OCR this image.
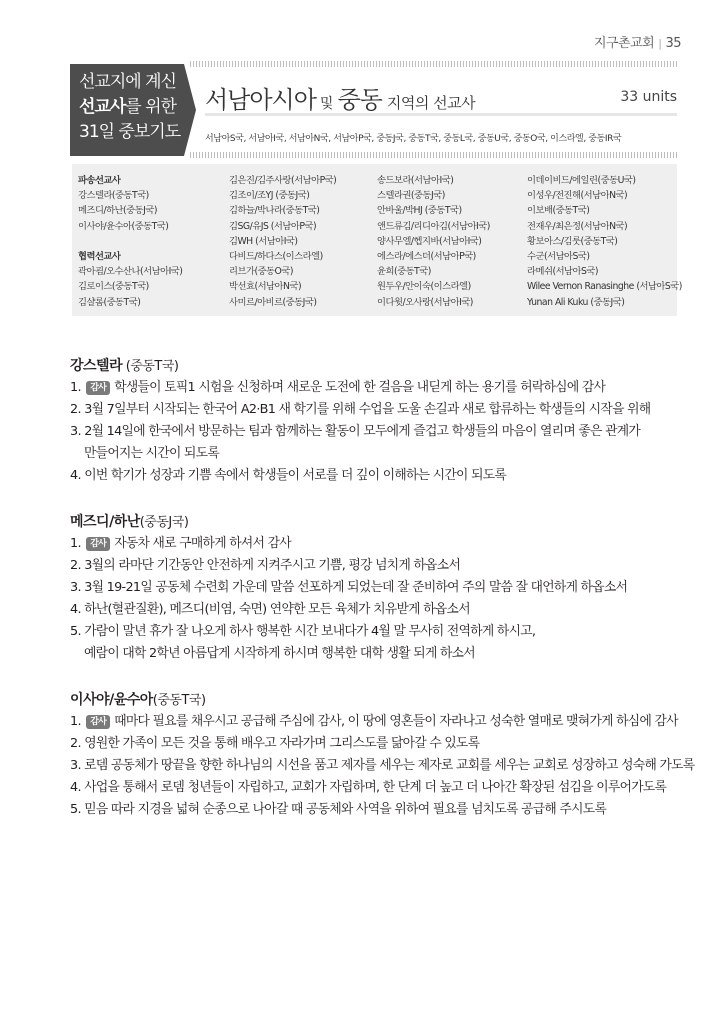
지구촌교회 | 35
선교지에 계신
선교사를 위한
31일 중보기도
서남아시아 및 중동 지역의 선교사	33 units
서남아S국, 서남아I국, 서남아N국, 서남아P국, 중동J국, 중동T국, 중동L국, 중동U국, 중동O국, 이스라엘, 중동IR국
파송선교사
강스텔라(중동T국)
메즈디/하난(중동J국)
이사야/윤수아(중동T국)
협력선교사
곽아굄/오수산나(서남아I국)
김로이스(중동T국)
김샬롬(중동T국)
김은진/김주사랑(서남아P국)
김조이/조YJ (중동J국)
김하늘/박나라(중동T국)
김SG/유JS (서남아P국)
김WH (서남아I국)
다비드/하다스(이스라엘)
리브가(중동O국)
박선효(서남아N국)
사미르/아비르(중동J국)
송드보라(서남아I국)
스텔라권(중동J국)
안바울/박HJ (중동T국)
앤드류김/리디아김(서남아I국)
양사무엘/헵지바(서남아I국)
에스라/에스더(서남아P국)
윤희(중동T국)
원두우/안이숙(이스라엘)
이다윗/오사랑(서남아I국)
이데이비드/에일린(중동U국)
이성우/전진해(서남아N국)
이보배(중동T국)
전재우/최은정(서남아N국)
황보아스/김룻(중동T국)
수군(서남아S국)
라메쉬(서남아S국)
Wilee Vernon Ranasinghe (서남아S국)
Yunan Ali Kuku (중동J국)
강스텔라 (중동T국)
1. 감사 학생들이 토픽1 시험을 신청하며 새로운 도전에 한 걸음을 내딛게 하는 용기를 허락하심에 감사
2. 3월 7일부터 시작되는 한국어 A2·B1 새 학기를 위해 수업을 도울 손길과 새로 합류하는 학생들의 시작을 위해
3. 2월 14일에 한국에서 방문하는 팀과 함께하는 활동이 모두에게 즐겁고 학생들의 마음이 열리며 좋은 관계가
만들어지는 시간이 되도록
4. 이번 학기가 성장과 기쁨 속에서 학생들이 서로를 더 깊이 이해하는 시간이 되도록
메즈디/하난(중동J국)
1. 감사 자동차 새로 구매하게 하셔서 감사
2. 3월의 라마단 기간동안 안전하게 지켜주시고 기쁨, 평강 넘치게 하옵소서
3. 3월 19-21일 공동체 수련회 가운데 말씀 선포하게 되었는데 잘 준비하여 주의 말씀 잘 대언하게 하옵소서
4. 하난(혈관질환), 메즈디(비염, 숙면) 연약한 모든 육체가 치유받게 하옵소서
5. 가람이 말년 휴가 잘 나오게 하사 행복한 시간 보내다가 4월 말 무사히 전역하게 하시고,
예람이 대학 2학년 아름답게 시작하게 하시며 행복한 대학 생활 되게 하소서
이사야/윤수아(중동T국)
1. 감사 때마다 필요를 채우시고 공급해 주심에 감사, 이 땅에 영혼들이 자라나고 성숙한 열매로 맺혀가게 하심에 감사
2. 영원한 가족이 모든 것을 통해 배우고 자라가며 그리스도를 닮아갈 수 있도록
3. 로뎀 공동체가 땅끝을 향한 하나님의 시선을 품고 제자를 세우는 제자로 교회를 세우는 교회로 성장하고 성숙해 가도록
4. 사업을 통해서 로뎀 청년들이 자립하고, 교회가 자립하며, 한 단계 더 높고 더 나아간 확장된 섬김을 이루어가도록
5. 믿음 따라 지경을 넓혀 순종으로 나아갈 때 공동체와 사역을 위하여 필요를 넘치도록 공급해 주시도록
